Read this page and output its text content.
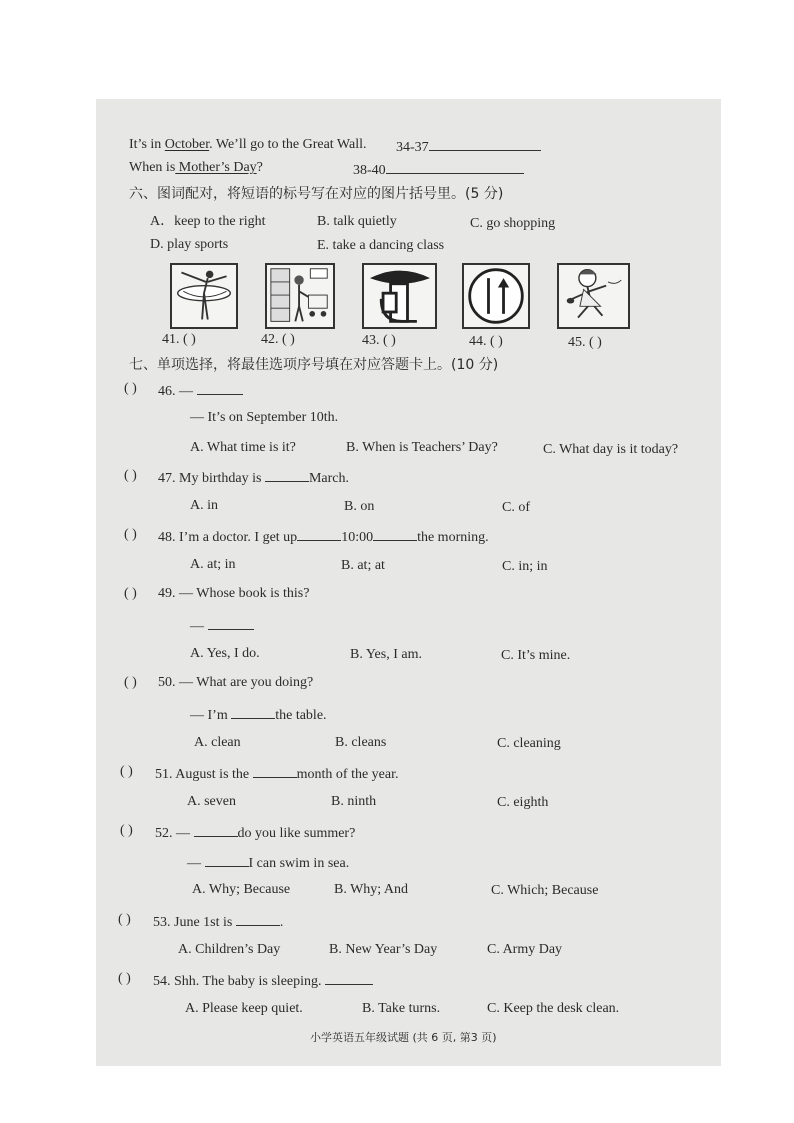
It’s in October. We’ll go to the Great Wall. 34-37
When is Mother’s Day?	38-40
六、图词配对，将短语的标号写在对应的图片括号里。(5 分)
A．keep to the right	B. talk quietly	C. go shopping
D. play sports	E. take a dancing class
41. ( )	42. ( )	43. ( )	44. ( )	45. ( )
七、单项选择，将最佳选项序号填在对应答题卡上。(10 分)
( ) 46. —
— It’s on September 10th.
A. What time is it?	B. When is Teachers’ Day?	C. What day is it today?
( ) 47. My birthday is	March.
A. in	B. on	C. of
( ) 48. I’m a doctor. I get up	10:00	the morning.
A. at; in	B. at; at	C. in; in
( ) 49. — Whose book is this?
—
A. Yes, I do.	B. Yes, I am.	C. It’s mine.
( ) 50. — What are you doing?
— I’m	the table.
A. clean	B. cleans	C. cleaning
( ) 51. August is the	month of the year.
A. seven	B. ninth	C. eighth
( ) 52. —	do you like summer?
—	I can swim in sea.
A. Why; Because	B. Why; And	C. Which; Because
( ) 53. June 1st is	.
A. Children’s Day	B. New Year’s Day	C. Army Day
( ) 54. Shh. The baby is sleeping.
A. Please keep quiet.	B. Take turns.	C. Keep the desk clean.
小学英语五年级试题 (共 6 页, 第3 页)
